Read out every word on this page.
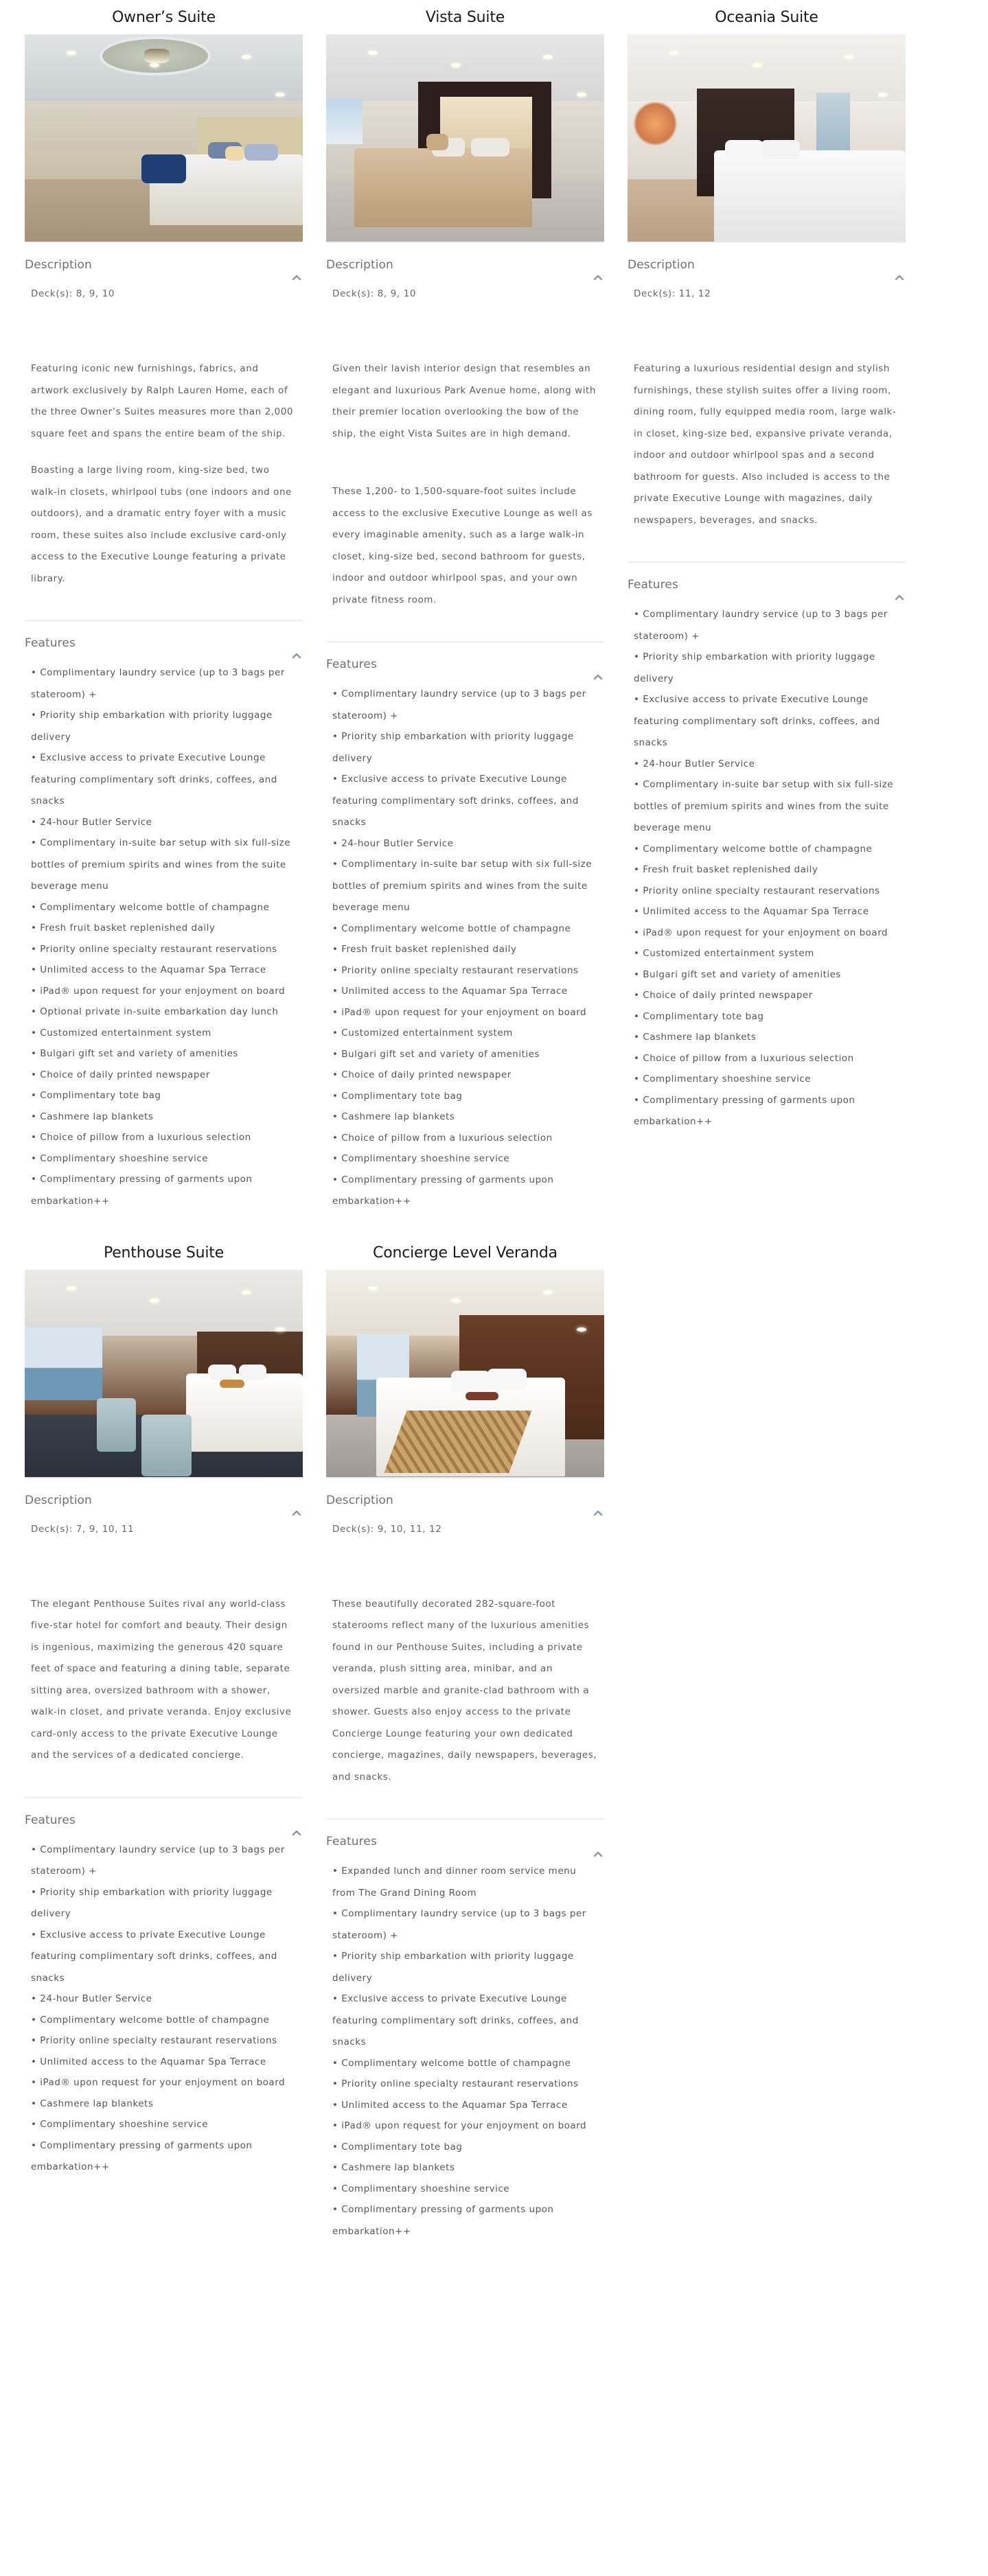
Owner’s Suite
Description
Deck(s): 8, 9, 10

Featuring iconic new furnishings, fabrics, and artwork exclusively by Ralph Lauren Home, each of the three Owner’s Suites measures more than 2,000 square feet and spans the entire beam of the ship.

Boasting a large living room, king-size bed, two walk-in closets, whirlpool tubs (one indoors and one outdoors), and a dramatic entry foyer with a music room, these suites also include exclusive card-only access to the Executive Lounge featuring a private library.

Features
• Complimentary laundry service (up to 3 bags per stateroom) +
• Priority ship embarkation with priority luggage delivery
• Exclusive access to private Executive Lounge featuring complimentary soft drinks, coffees, and snacks
• 24-hour Butler Service
• Complimentary in-suite bar setup with six full-size bottles of premium spirits and wines from the suite beverage menu
• Complimentary welcome bottle of champagne
• Fresh fruit basket replenished daily
• Priority online specialty restaurant reservations
• Unlimited access to the Aquamar Spa Terrace
• iPad® upon request for your enjoyment on board
• Optional private in-suite embarkation day lunch
• Customized entertainment system
• Bulgari gift set and variety of amenities
• Choice of daily printed newspaper
• Complimentary tote bag
• Cashmere lap blankets
• Choice of pillow from a luxurious selection
• Complimentary shoeshine service
• Complimentary pressing of garments upon embarkation++
Vista Suite
Description
Deck(s): 8, 9, 10

Given their lavish interior design that resembles an elegant and luxurious Park Avenue home, along with their premier location overlooking the bow of the ship, the eight Vista Suites are in high demand.

These 1,200- to 1,500-square-foot suites include access to the exclusive Executive Lounge as well as every imaginable amenity, such as a large walk-in closet, king-size bed, second bathroom for guests, indoor and outdoor whirlpool spas, and your own private fitness room.

Features
• Complimentary laundry service (up to 3 bags per stateroom) +
• Priority ship embarkation with priority luggage delivery
• Exclusive access to private Executive Lounge featuring complimentary soft drinks, coffees, and snacks
• 24-hour Butler Service
• Complimentary in-suite bar setup with six full-size bottles of premium spirits and wines from the suite beverage menu
• Complimentary welcome bottle of champagne
• Fresh fruit basket replenished daily
• Priority online specialty restaurant reservations
• Unlimited access to the Aquamar Spa Terrace
• iPad® upon request for your enjoyment on board
• Customized entertainment system
• Bulgari gift set and variety of amenities
• Choice of daily printed newspaper
• Complimentary tote bag
• Cashmere lap blankets
• Choice of pillow from a luxurious selection
• Complimentary shoeshine service
• Complimentary pressing of garments upon embarkation++
Oceania Suite
Description
Deck(s): 11, 12

Featuring a luxurious residential design and stylish furnishings, these stylish suites offer a living room, dining room, fully equipped media room, large walk-in closet, king-size bed, expansive private veranda, indoor and outdoor whirlpool spas and a second bathroom for guests. Also included is access to the private Executive Lounge with magazines, daily newspapers, beverages, and snacks.

Features
• Complimentary laundry service (up to 3 bags per stateroom) +
• Priority ship embarkation with priority luggage delivery
• Exclusive access to private Executive Lounge featuring complimentary soft drinks, coffees, and snacks
• 24-hour Butler Service
• Complimentary in-suite bar setup with six full-size bottles of premium spirits and wines from the suite beverage menu
• Complimentary welcome bottle of champagne
• Fresh fruit basket replenished daily
• Priority online specialty restaurant reservations
• Unlimited access to the Aquamar Spa Terrace
• iPad® upon request for your enjoyment on board
• Customized entertainment system
• Bulgari gift set and variety of amenities
• Choice of daily printed newspaper
• Complimentary tote bag
• Cashmere lap blankets
• Choice of pillow from a luxurious selection
• Complimentary shoeshine service
• Complimentary pressing of garments upon embarkation++
Penthouse Suite
Description
Deck(s): 7, 9, 10, 11

The elegant Penthouse Suites rival any world-class five-star hotel for comfort and beauty. Their design is ingenious, maximizing the generous 420 square feet of space and featuring a dining table, separate sitting area, oversized bathroom with a shower, walk-in closet, and private veranda. Enjoy exclusive card-only access to the private Executive Lounge and the services of a dedicated concierge.

Features
• Complimentary laundry service (up to 3 bags per stateroom) +
• Priority ship embarkation with priority luggage delivery
• Exclusive access to private Executive Lounge featuring complimentary soft drinks, coffees, and snacks
• 24-hour Butler Service
• Complimentary welcome bottle of champagne
• Priority online specialty restaurant reservations
• Unlimited access to the Aquamar Spa Terrace
• iPad® upon request for your enjoyment on board
• Cashmere lap blankets
• Complimentary shoeshine service
• Complimentary pressing of garments upon embarkation++
Concierge Level Veranda
Description
Deck(s): 9, 10, 11, 12

These beautifully decorated 282-square-foot staterooms reflect many of the luxurious amenities found in our Penthouse Suites, including a private veranda, plush sitting area, minibar, and an oversized marble and granite-clad bathroom with a shower. Guests also enjoy access to the private Concierge Lounge featuring your own dedicated concierge, magazines, daily newspapers, beverages, and snacks.

Features
• Expanded lunch and dinner room service menu from The Grand Dining Room
• Complimentary laundry service (up to 3 bags per stateroom) +
• Priority ship embarkation with priority luggage delivery
• Exclusive access to private Executive Lounge featuring complimentary soft drinks, coffees, and snacks
• Complimentary welcome bottle of champagne
• Priority online specialty restaurant reservations
• Unlimited access to the Aquamar Spa Terrace
• iPad® upon request for your enjoyment on board
• Complimentary tote bag
• Cashmere lap blankets
• Complimentary shoeshine service
• Complimentary pressing of garments upon embarkation++
